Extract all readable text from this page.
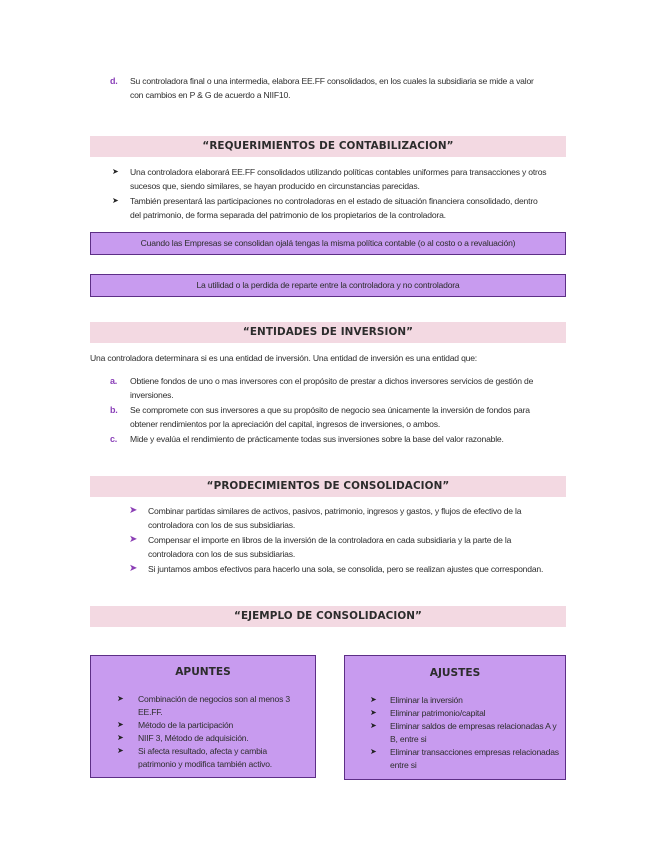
d. Su controladora final o una intermedia, elabora EE.FF consolidados, en los cuales la subsidiaria se mide a valor
con cambios en P & G de acuerdo a NIIF10.
“REQUERIMIENTOS DE CONTABILIZACION”
➤ Una controladora elaborará EE.FF consolidados utilizando políticas contables uniformes para transacciones y otros
sucesos que, siendo similares, se hayan producido en circunstancias parecidas.
➤ También presentará las participaciones no controladoras en el estado de situación financiera consolidado, dentro
del patrimonio, de forma separada del patrimonio de los propietarios de la controladora.
Cuando las Empresas se consolidan ojalá tengas la misma política contable (o al costo o a revaluación)
La utilidad o la perdida de reparte entre la controladora y no controladora
“ENTIDADES DE INVERSION”
Una controladora determinara si es una entidad de inversión. Una entidad de inversión es una entidad que:
a. Obtiene fondos de uno o mas inversores con el propósito de prestar a dichos inversores servicios de gestión de
inversiones.
b. Se compromete con sus inversores a que su propósito de negocio sea únicamente la inversión de fondos para
obtener rendimientos por la apreciación del capital, ingresos de inversiones, o ambos.
c. Mide y evalúa el rendimiento de prácticamente todas sus inversiones sobre la base del valor razonable.
“PRODECIMIENTOS DE CONSOLIDACION”
➤ Combinar partidas similares de activos, pasivos, patrimonio, ingresos y gastos, y flujos de efectivo de la
controladora con los de sus subsidiarias.
➤ Compensar el importe en libros de la inversión de la controladora en cada subsidiaria y la parte de la
controladora con los de sus subsidiarias.
➤ Si juntamos ambos efectivos para hacerlo una sola, se consolida, pero se realizan ajustes que correspondan.
“EJEMPLO DE CONSOLIDACION”
APUNTES
➤ Combinación de negocios son al menos 3
EE.FF.
➤ Método de la participación
➤ NIIF 3, Método de adquisición.
➤ Si afecta resultado, afecta y cambia
patrimonio y modifica también activo.
AJUSTES
➤ Eliminar la inversión
➤ Eliminar patrimonio/capital
➤ Eliminar saldos de empresas relacionadas A y
B, entre si
➤ Eliminar transacciones empresas relacionadas
entre si
